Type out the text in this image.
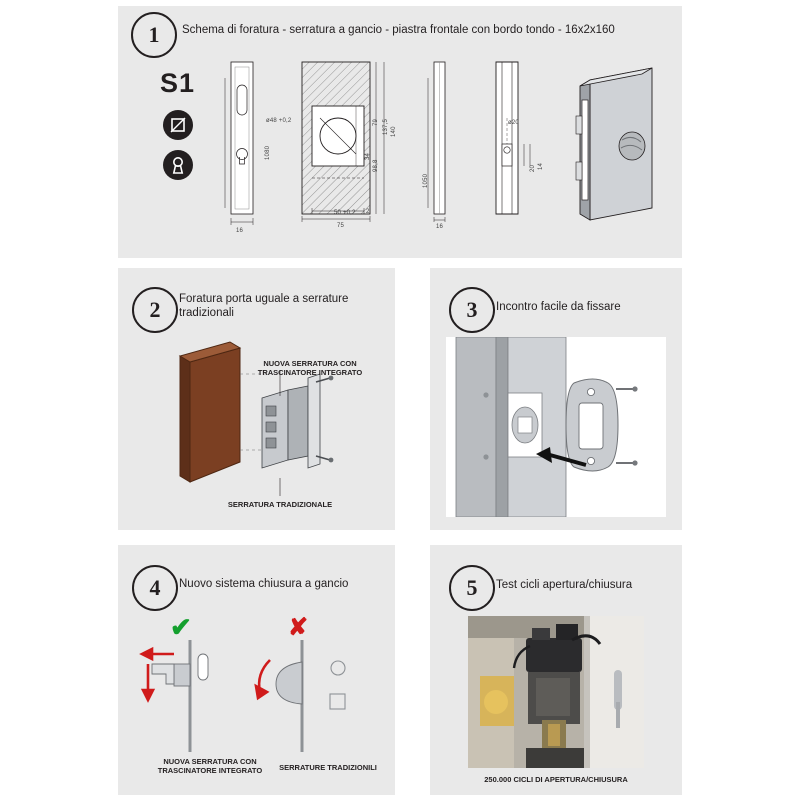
1	Schema di foratura - serratura a gancio - piastra frontale con bordo tondo - 16x2x160
S1
16
1080
ø48 +0,2
50 +0,2
75
2
79 137,5 140
98,8
34
16
1050
ø20
20 14
2	Foratura porta uguale a serrature tradizionali
NUOVA SERRATURA CON TRASCINATORE INTEGRATO
SERRATURA TRADIZIONALE
3	Incontro facile da fissare
4	Nuovo sistema chiusura a gancio
✔	✘
NUOVA SERRATURA CON TRASCINATORE INTEGRATO	SERRATURE TRADIZIONILI
5	Test cicli apertura/chiusura
250.000 CICLI DI APERTURA/CHIUSURA
